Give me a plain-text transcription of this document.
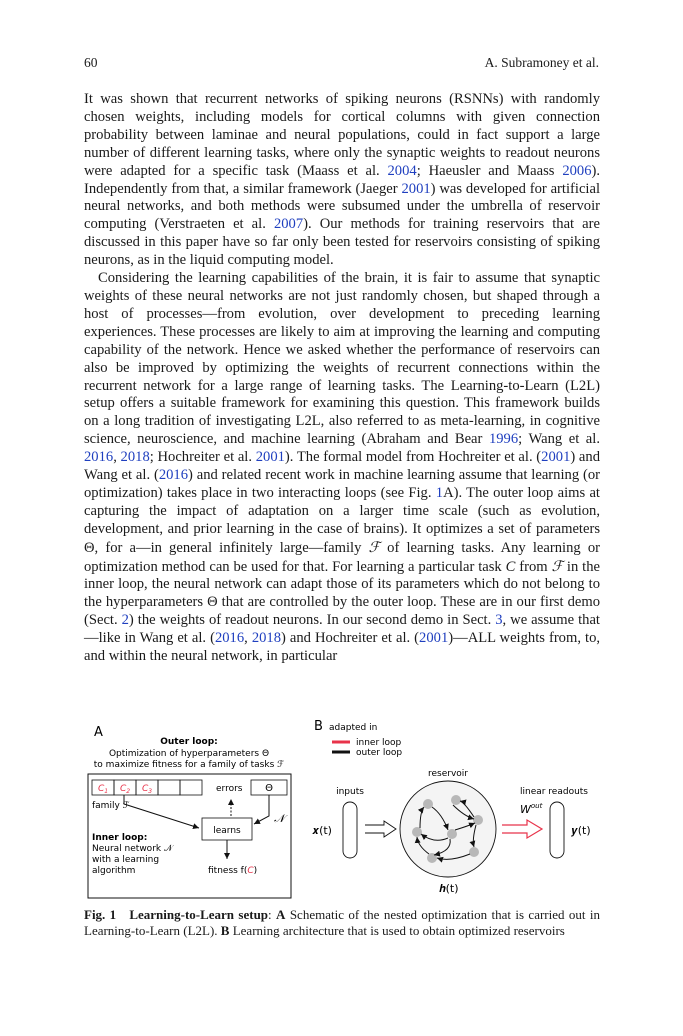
60	A. Subramoney et al.

It was shown that recurrent networks of spiking neurons (RSNNs) with randomly chosen weights, including models for cortical columns with given connection probability between laminae and neural populations, could in fact support a large number of different learning tasks, where only the synaptic weights to readout neurons were adapted for a specific task (Maass et al. 2004; Haeusler and Maass 2006). Independently from that, a similar framework (Jaeger 2001) was developed for artificial neural networks, and both methods were subsumed under the umbrella of reservoir computing (Verstraeten et al. 2007). Our methods for training reservoirs that are discussed in this paper have so far only been tested for reservoirs consisting of spiking neurons, as in the liquid computing model.

Considering the learning capabilities of the brain, it is fair to assume that synaptic weights of these neural networks are not just randomly chosen, but shaped through a host of processes—from evolution, over development to preceding learning experiences. These processes are likely to aim at improving the learning and computing capability of the network. Hence we asked whether the performance of reservoirs can also be improved by optimizing the weights of recurrent connections within the recurrent network for a large range of learning tasks. The Learning-to-Learn (L2L) setup offers a suitable framework for examining this question. This framework builds on a long tradition of investigating L2L, also referred to as meta-learning, in cognitive science, neuroscience, and machine learning (Abraham and Bear 1996; Wang et al. 2016, 2018; Hochreiter et al. 2001). The formal model from Hochreiter et al. (2001) and Wang et al. (2016) and related recent work in machine learning assume that learning (or optimization) takes place in two interacting loops (see Fig. 1A). The outer loop aims at capturing the impact of adaptation on a larger time scale (such as evolution, development, and prior learning in the case of brains). It optimizes a set of parameters Θ, for a—in general infinitely large—family ℱ of learning tasks. Any learning or optimization method can be used for that. For learning a particular task C from ℱ in the inner loop, the neural network can adapt those of its parameters which do not belong to the hyperparameters Θ that are controlled by the outer loop. These are in our first demo (Sect. 2) the weights of readout neurons. In our second demo in Sect. 3, we assume that—like in Wang et al. (2016, 2018) and Hochreiter et al. (2001)—ALL weights from, to, and within the neural network, in particular

A
Outer loop:
Optimization of hyperparameters Θ
to maximize fitness for a family of tasks ℱ
$C_1$ $C_2$ $C_3$
family ℱ
errors Θ
𝒩
learns
Inner loop:
Neural network 𝒩
with a learning
algorithm	fitness f(C)
B adapted in
inner loop
outer loop
reservoir
inputs	linear readouts
𝒙(t)
𝒉(t)
$W^{out}$
𝒚(t)
Fig. 1 Learning-to-Learn setup: A Schematic of the nested optimization that is carried out in Learning-to-Learn (L2L). B Learning architecture that is used to obtain optimized reservoirs
